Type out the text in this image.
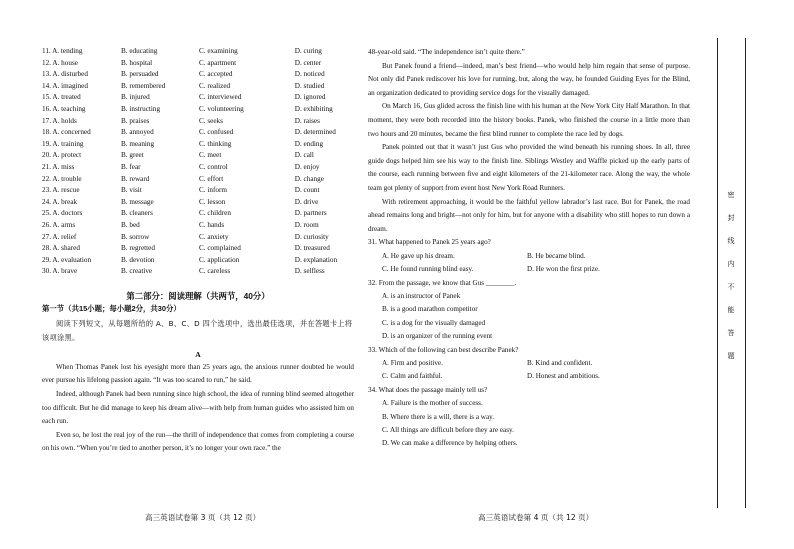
11. A. tending	B. educating	C. examining	D. curing
12. A. house	B. hospital	C. apartment	D. center
13. A. disturbed	B. persuaded	C. accepted	D. noticed
14. A. imagined	B. remembered	C. realized	D. studied
15. A. treated	B. injured	C. interviewed	D. ignored
16. A. teaching	B. instructing	C. volunteering	D. exhibiting
17. A. holds	B. praises	C. seeks	D. raises
18. A. concerned	B. annoyed	C. confused	D. determined
19. A. training	B. meaning	C. thinking	D. ending
20. A. protect	B. greet	C. meet	D. call
21. A. miss	B. fear	C. control	D. enjoy
22. A. trouble	B. reward	C. effort	D. change
23. A. rescue	B. visit	C. inform	D. count
24. A. break	B. message	C. lesson	D. drive
25. A. doctors	B. cleaners	C. children	D. partners
26. A. arms	B. bed	C. hands	D. room
27. A. relief	B. sorrow	C. anxiety	D. curiosity
28. A. shared	B. regretted	C. complained	D. treasured
29. A. evaluation	B. devotion	C. application	D. explanation
30. A. brave	B. creative	C. careless	D. selfless
第二部分：阅读理解（共两节，40分）
第一节（共15小题；每小题2分，共30分）
阅读下列短文，从每题所给的 A、B、C、D 四个选项中，选出最佳选项，并在答题卡上将该项涂黑。
A

When Thomas Panek lost his eyesight more than 25 years ago, the anxious runner doubted he would ever pursue his lifelong passion again. “It was too scared to run,” he said.

Indeed, although Panek had been running since high school, the idea of running blind seemed altogether too difficult. But he did manage to keep his dream alive—with help from human guides who assisted him on each run.

Even so, he lost the real joy of the run—the thrill of independence that comes from completing a course on his own. “When you’re tied to another person, it’s no longer your own race.” the

48-year-old said. “The independence isn’t quite there.”

But Panek found a friend—indeed, man’s best friend—who would help him regain that sense of purpose. Not only did Panek rediscover his love for running, but, along the way, he founded Guiding Eyes for the Blind, an organization dedicated to providing service dogs for the visually damaged.

On March 16, Gus glided across the finish line with his human at the New York City Half Marathon. In that moment, they were both recorded into the history books. Panek, who finished the course in a little more than two hours and 20 minutes, became the first blind runner to complete the race led by dogs.

Panek pointed out that it wasn’t just Gus who provided the wind beneath his running shoes. In all, three guide dogs helped him see his way to the finish line. Siblings Westley and Waffle picked up the early parts of the course, each running between five and eight kilometers of the 21-kilometer race. Along the way, the whole team got plenty of support from event host New York Road Runners.

With retirement approaching, it would be the faithful yellow labrador’s last race. But for Panek, the road ahead remains long and bright—not only for him, but for anyone with a disability who still hopes to run down a dream.

31. What happened to Panek 25 years ago?
A. He gave up his dream.	B. He became blind.
C. He found running blind easy.	D. He won the first prize.
32. From the passage, we know that Gus ________.
A. is an instructor of Panek
B. is a good marathon competitor
C. is a dog for the visually damaged
D. is an organizer of the running event
33. Which of the following can best describe Panek?
A. Firm and positive.	B. Kind and confident.
C. Calm and faithful.	D. Honest and ambitious.
34. What does the passage mainly tell us?
A. Failure is the mother of success.
B. Where there is a will, there is a way.
C. All things are difficult before they are easy.
D. We can make a difference by helping others.
高三英语试卷第 3 页（共 12 页）	高三英语试卷第 4 页（共 12 页）
密
封
线
内
不
能
答
题
